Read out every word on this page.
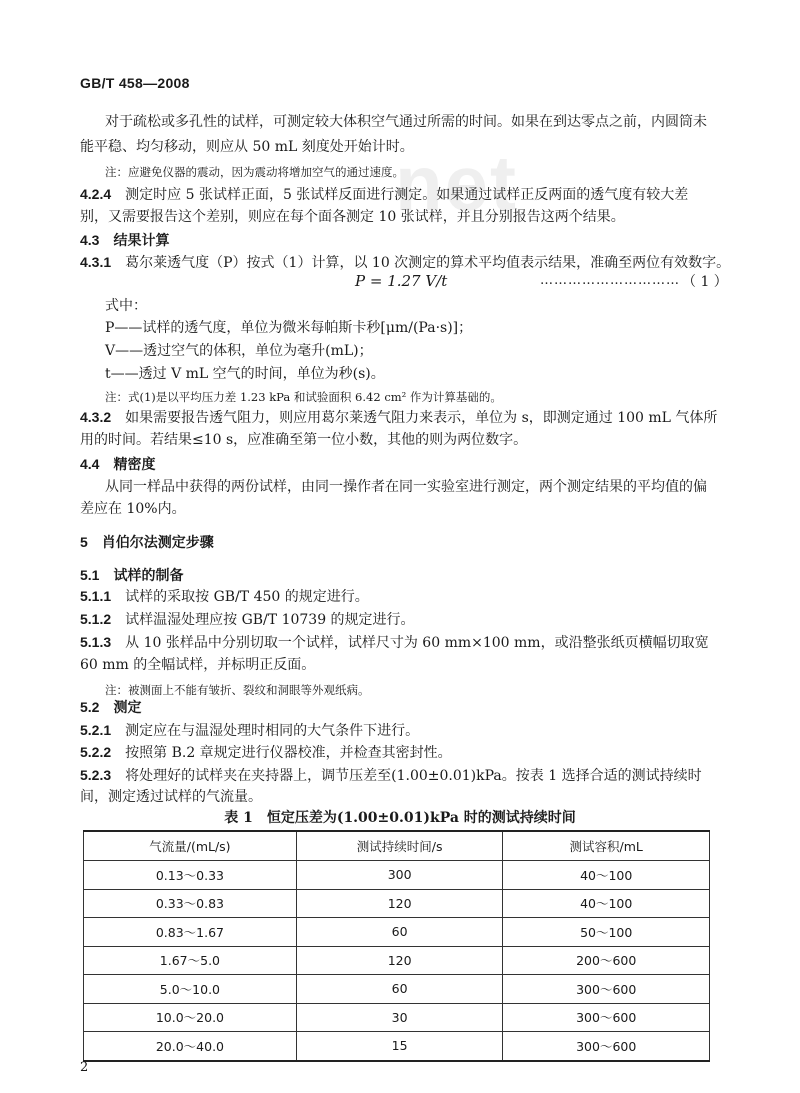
net
GB/T 458—2008
对于疏松或多孔性的试样，可测定较大体积空气通过所需的时间。如果在到达零点之前，内圆筒未
能平稳、均匀移动，则应从 50 mL 刻度处开始计时。
注：应避免仪器的震动，因为震动将增加空气的通过速度。
4.2.4 测定时应 5 张试样正面，5 张试样反面进行测定。如果通过试样正反两面的透气度有较大差
别，又需要报告这个差别，则应在每个面各测定 10 张试样，并且分别报告这两个结果。
4.3 结果计算
4.3.1 葛尔莱透气度（P）按式（1）计算，以 10 次测定的算术平均值表示结果，准确至两位有效数字。
P = 1.27 V/t	………………………… （ 1 ）
式中：
P——试样的透气度，单位为微米每帕斯卡秒[μm/(Pa·s)]；
V——透过空气的体积，单位为毫升(mL)；
t——透过 V mL 空气的时间，单位为秒(s)。
注：式(1)是以平均压力差 1.23 kPa 和试验面积 6.42 cm² 作为计算基础的。
4.3.2 如果需要报告透气阻力，则应用葛尔莱透气阻力来表示，单位为 s，即测定通过 100 mL 气体所
用的时间。若结果≤10 s，应准确至第一位小数，其他的则为两位数字。
4.4 精密度
从同一样品中获得的两份试样，由同一操作者在同一实验室进行测定，两个测定结果的平均值的偏
差应在 10%内。
5 肖伯尔法测定步骤
5.1 试样的制备
5.1.1 试样的采取按 GB/T 450 的规定进行。
5.1.2 试样温湿处理应按 GB/T 10739 的规定进行。
5.1.3 从 10 张样品中分别切取一个试样，试样尺寸为 60 mm×100 mm，或沿整张纸页横幅切取宽
60 mm 的全幅试样，并标明正反面。
注：被测面上不能有皱折、裂纹和洞眼等外观纸病。
5.2 测定
5.2.1 测定应在与温湿处理时相同的大气条件下进行。
5.2.2 按照第 B.2 章规定进行仪器校准，并检查其密封性。
5.2.3 将处理好的试样夹在夹持器上，调节压差至(1.00±0.01)kPa。按表 1 选择合适的测试持续时
间，测定透过试样的气流量。
表 1　恒定压差为(1.00±0.01)kPa 时的测试持续时间
气流量/(mL/s)	测试持续时间/s	测试容积/mL
0.13～0.33	300	40～100
0.33～0.83	120	40～100
0.83～1.67	60	50～100
1.67～5.0	120	200～600
5.0～10.0	60	300～600
10.0～20.0	30	300～600
20.0～40.0	15	300～600
2
